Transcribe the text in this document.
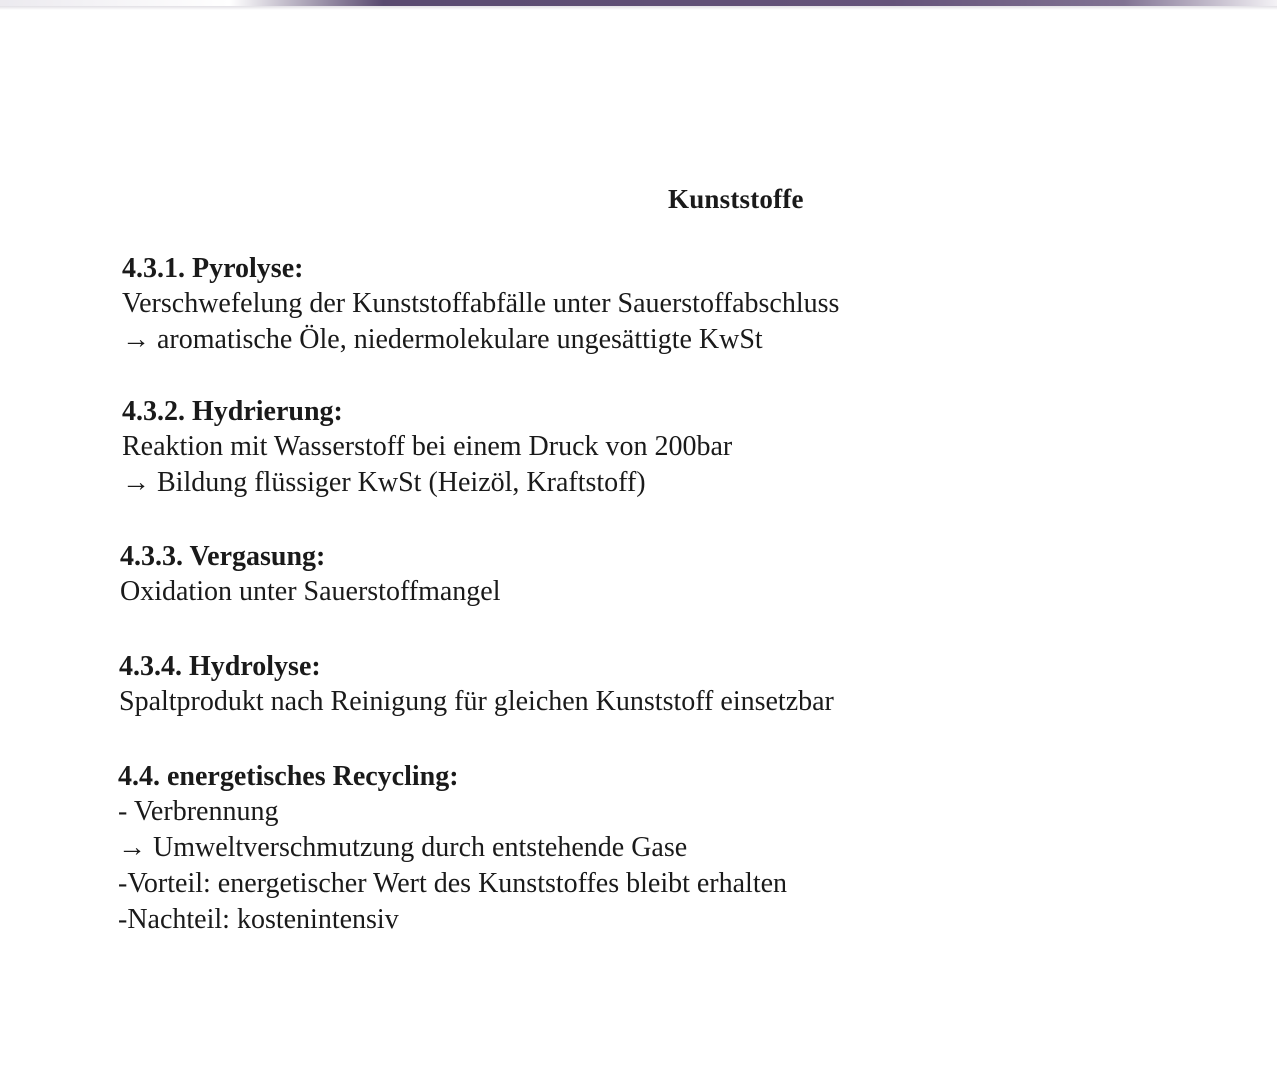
Kunststoffe

4.3.1. Pyrolyse:

Verschwefelung der Kunststoffabfälle unter Sauerstoffabschluss

→ aromatische Öle, niedermolekulare ungesättigte KwSt

4.3.2. Hydrierung:

Reaktion mit Wasserstoff bei einem Druck von 200bar

→ Bildung flüssiger KwSt (Heizöl, Kraftstoff)

4.3.3. Vergasung:

Oxidation unter Sauerstoffmangel

4.3.4. Hydrolyse:

Spaltprodukt nach Reinigung für gleichen Kunststoff einsetzbar

4.4. energetisches Recycling:

- Verbrennung

→ Umweltverschmutzung durch entstehende Gase

-Vorteil: energetischer Wert des Kunststoffes bleibt erhalten

-Nachteil: kostenintensiv
